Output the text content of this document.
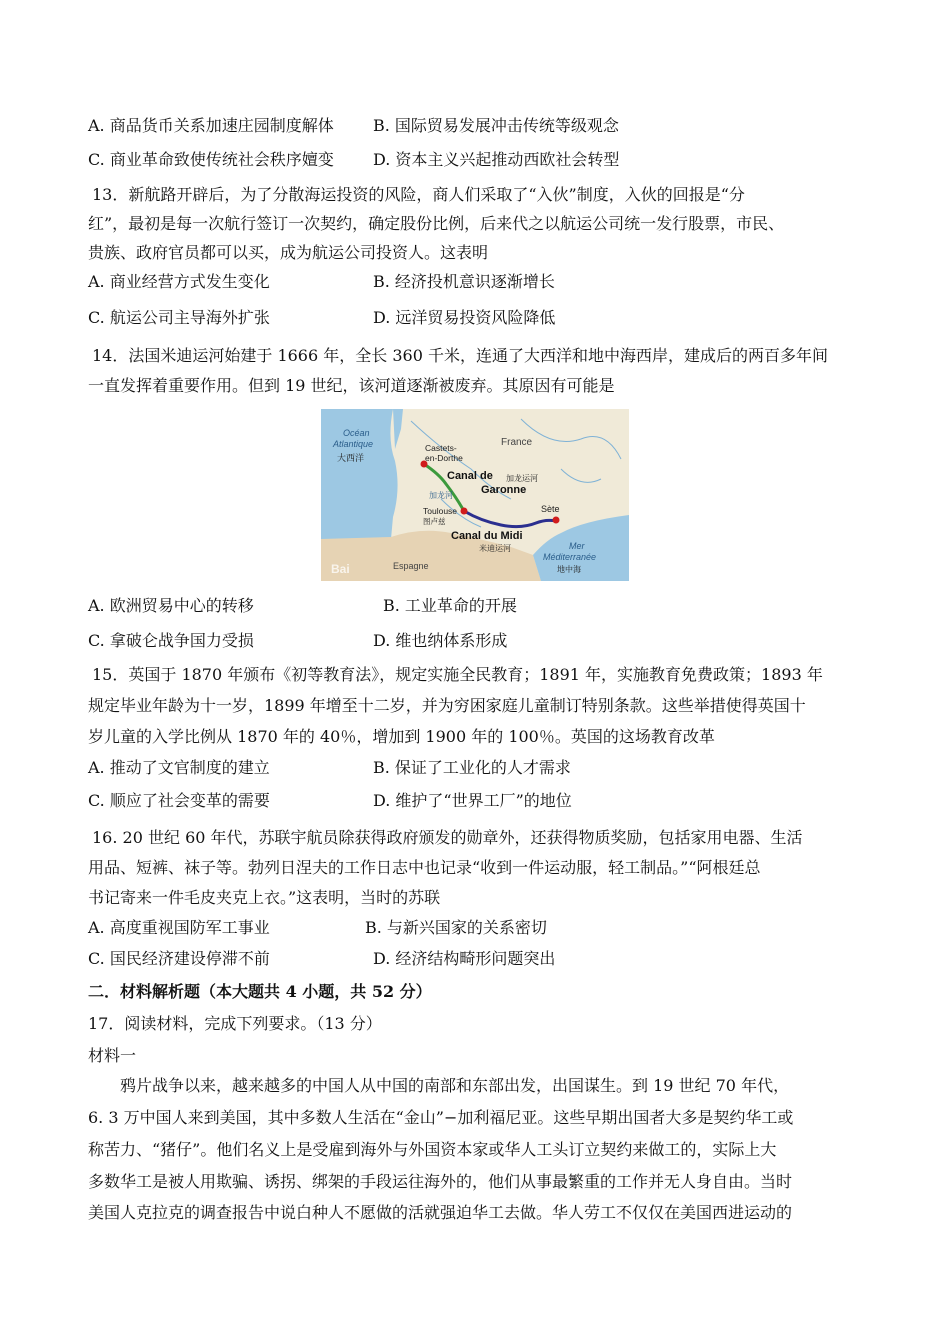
A. 商品货币关系加速庄园制度解体 B. 国际贸易发展冲击传统等级观念
C. 商业革命致使传统社会秩序嬗变 D. 资本主义兴起推动西欧社会转型
13．新航路开辟后，为了分散海运投资的风险，商人们采取了“入伙”制度，入伙的回报是“分
红”，最初是每一次航行签订一次契约，确定股份比例，后来代之以航运公司统一发行股票，市民、
贵族、政府官员都可以买，成为航运公司投资人。这表明
A. 商业经营方式发生变化	B. 经济投机意识逐渐增长
C. 航运公司主导海外扩张	D. 远洋贸易投资风险降低
14．法国米迪运河始建于 1666 年，全长 360 千米，连通了大西洋和地中海西岸，建成后的两百多年间
一直发挥着重要作用。但到 19 世纪，该河道逐渐被废弃。其原因有可能是
Océan
Atlantique
大西洋
Castets-
en-Dorthe
France
Canal de
Garonne
加龙运河
加龙河
Toulouse
图卢兹
Sète
Canal du Midi
米迪运河	Mer
Méditerranée
地中海
Espagne
Bai
A. 欧洲贸易中心的转移	B. 工业革命的开展
C. 拿破仑战争国力受损	D. 维也纳体系形成
15．英国于 1870 年颁布《初等教育法》，规定实施全民教育；1891 年，实施教育免费政策；1893 年
规定毕业年龄为十一岁，1899 年增至十二岁，并为穷困家庭儿童制订特别条款。这些举措使得英国十
岁儿童的入学比例从 1870 年的 40％，增加到 1900 年的 100％。英国的这场教育改革
A. 推动了文官制度的建立	B. 保证了工业化的人才需求
C. 顺应了社会变革的需要	D. 维护了“世界工厂”的地位
16. 20 世纪 60 年代，苏联宇航员除获得政府颁发的勋章外，还获得物质奖励，包括家用电器、生活
用品、短裤、袜子等。勃列日涅夫的工作日志中也记录“收到一件运动服，轻工制品。”“阿根廷总
书记寄来一件毛皮夹克上衣。”这表明，当时的苏联
A. 高度重视国防军工事业	B. 与新兴国家的关系密切
C. 国民经济建设停滞不前	D. 经济结构畸形问题突出
二．材料解析题（本大题共 4 小题，共 52 分）
17．阅读材料，完成下列要求。（13 分）
材料一
鸦片战争以来，越来越多的中国人从中国的南部和东部出发，出国谋生。到 19 世纪 70 年代，
6. 3 万中国人来到美国，其中多数人生活在“金山”−加利福尼亚。这些早期出国者大多是契约华工或
称苦力、“猪仔”。他们名义上是受雇到海外与外国资本家或华人工头订立契约来做工的，实际上大
多数华工是被人用欺骗、诱拐、绑架的手段运往海外的，他们从事最繁重的工作并无人身自由。当时
美国人克拉克的调查报告中说白种人不愿做的活就强迫华工去做。华人劳工不仅仅在美国西进运动的
